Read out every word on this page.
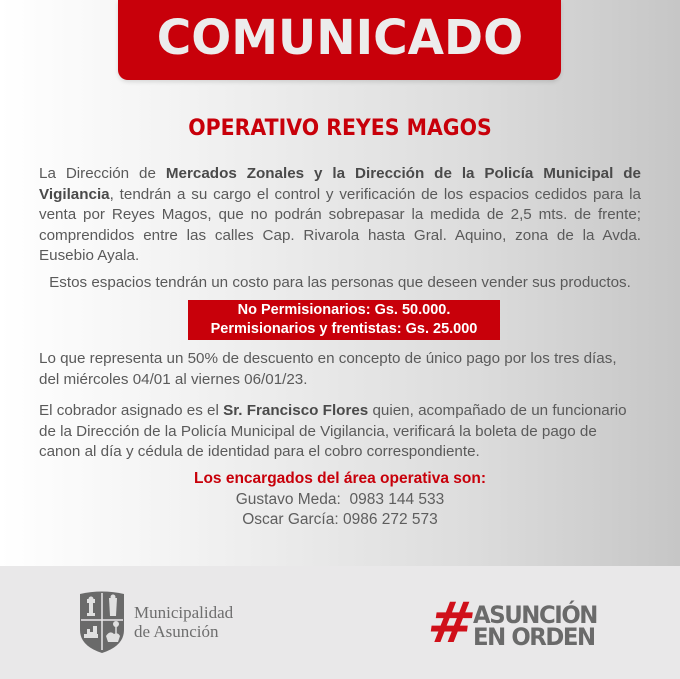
COMUNICADO
OPERATIVO REYES MAGOS

La Dirección de Mercados Zonales y la Dirección de la Policía Municipal de Vigilancia, tendrán a su cargo el control y verificación de los espacios cedidos para la venta por Reyes Magos, que no podrán sobrepasar la medida de 2,5 mts. de frente; comprendidos entre las calles Cap. Rivarola hasta Gral. Aquino, zona de la Avda. Eusebio Ayala.

Estos espacios tendrán un costo para las personas que deseen vender sus productos.

No Permisionarios: Gs. 50.000.
Permisionarios y frentistas: Gs. 25.000

Lo que representa un 50% de descuento en concepto de único pago por los tres días, del miércoles 04/01 al viernes 06/01/23.

El cobrador asignado es el Sr. Francisco Flores quien, acompañado de un funcionario de la Dirección de la Policía Municipal de Vigilancia, verificará la boleta de pago de canon al día y cédula de identidad para el cobro correspondiente.

Los encargados del área operativa son:
Gustavo Meda: 0983 144 533
Oscar García: 0986 272 573
Municipalidad
de Asunción	#
ASUNCIÓN
EN ORDEN
